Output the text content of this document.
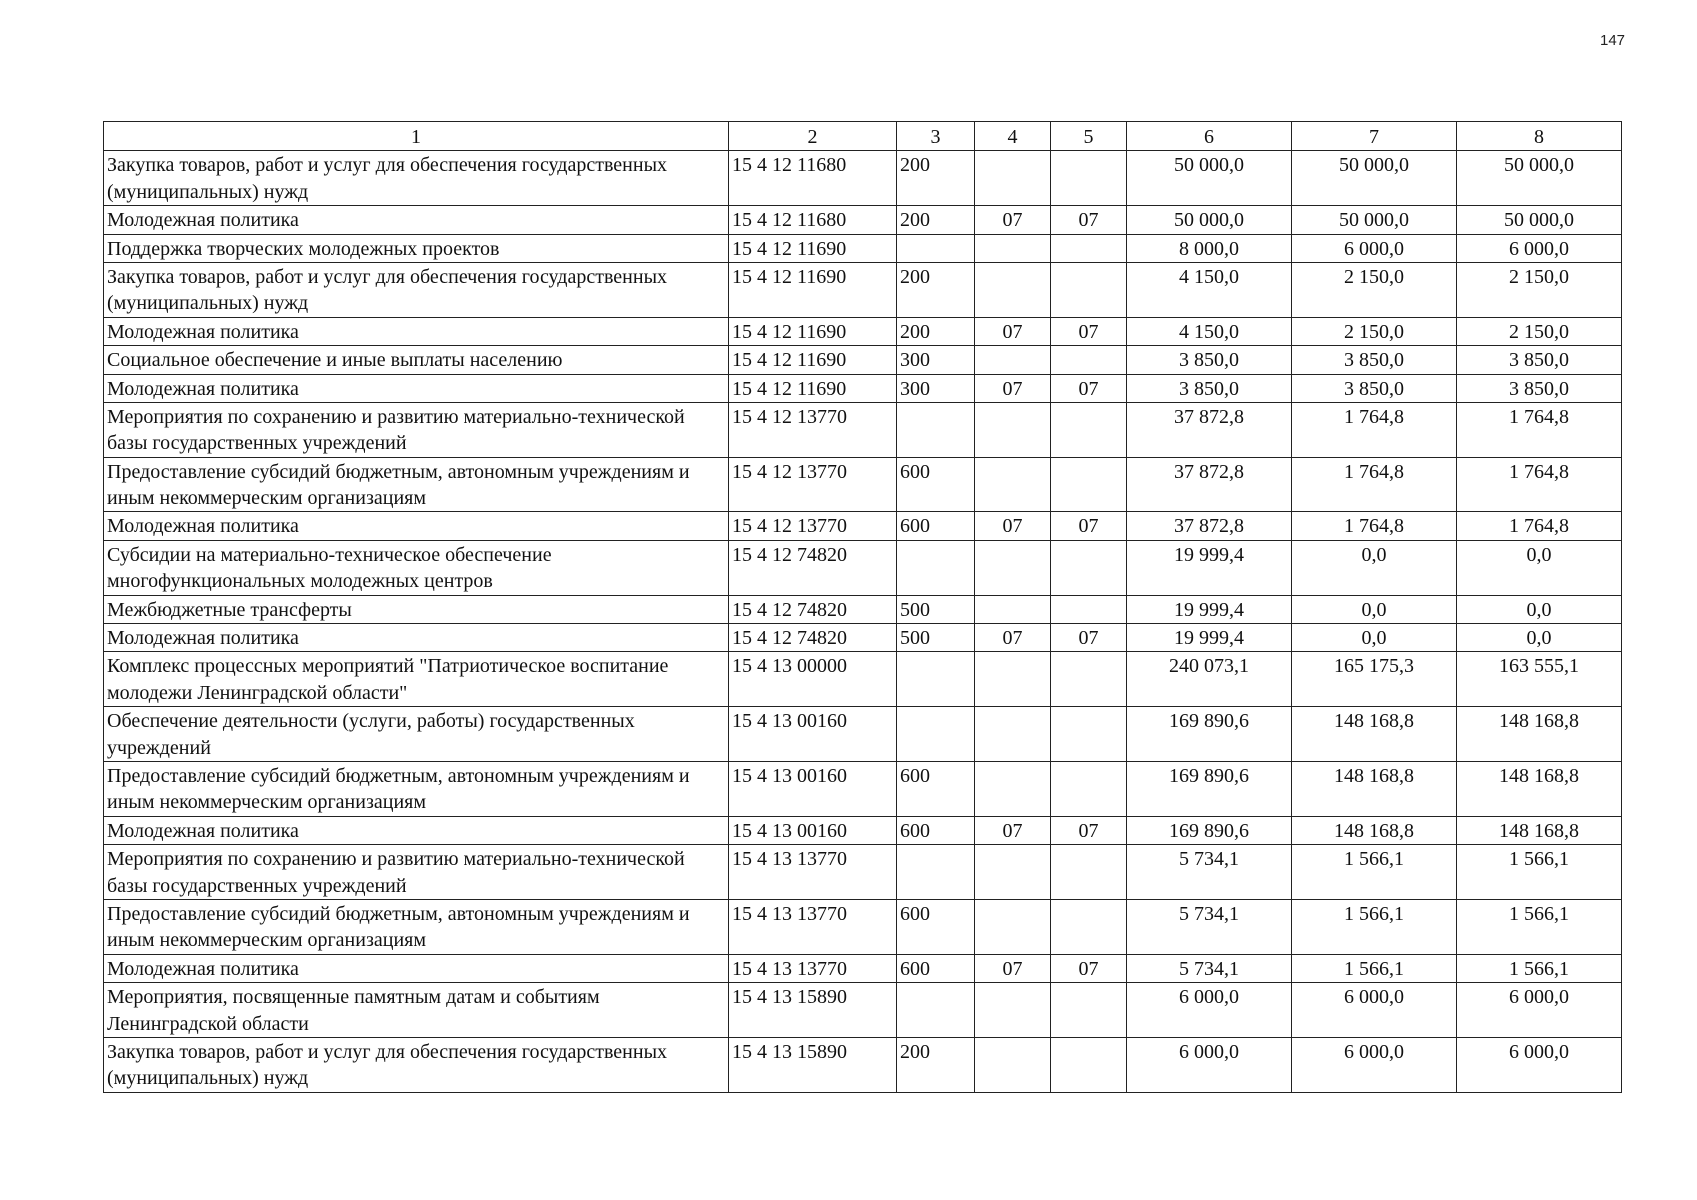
147
1	2	3	4	5	6	7	8
Закупка товаров, работ и услуг для обеспечения государственных (муниципальных) нужд	15 4 12 11680	200			50 000,0	50 000,0	50 000,0
Молодежная политика	15 4 12 11680	200	07	07	50 000,0	50 000,0	50 000,0
Поддержка творческих молодежных проектов	15 4 12 11690				8 000,0	6 000,0	6 000,0
Закупка товаров, работ и услуг для обеспечения государственных (муниципальных) нужд	15 4 12 11690	200			4 150,0	2 150,0	2 150,0
Молодежная политика	15 4 12 11690	200	07	07	4 150,0	2 150,0	2 150,0
Социальное обеспечение и иные выплаты населению	15 4 12 11690	300			3 850,0	3 850,0	3 850,0
Молодежная политика	15 4 12 11690	300	07	07	3 850,0	3 850,0	3 850,0
Мероприятия по сохранению и развитию материально-технической базы государственных учреждений	15 4 12 13770				37 872,8	1 764,8	1 764,8
Предоставление субсидий бюджетным, автономным учреждениям и иным некоммерческим организациям	15 4 12 13770	600			37 872,8	1 764,8	1 764,8
Молодежная политика	15 4 12 13770	600	07	07	37 872,8	1 764,8	1 764,8
Субсидии на материально-техническое обеспечение многофункциональных молодежных центров	15 4 12 74820				19 999,4	0,0	0,0
Межбюджетные трансферты	15 4 12 74820	500			19 999,4	0,0	0,0
Молодежная политика	15 4 12 74820	500	07	07	19 999,4	0,0	0,0
Комплекс процессных мероприятий "Патриотическое воспитание молодежи Ленинградской области"	15 4 13 00000				240 073,1	165 175,3	163 555,1
Обеспечение деятельности (услуги, работы) государственных учреждений	15 4 13 00160				169 890,6	148 168,8	148 168,8
Предоставление субсидий бюджетным, автономным учреждениям и иным некоммерческим организациям	15 4 13 00160	600			169 890,6	148 168,8	148 168,8
Молодежная политика	15 4 13 00160	600	07	07	169 890,6	148 168,8	148 168,8
Мероприятия по сохранению и развитию материально-технической базы государственных учреждений	15 4 13 13770				5 734,1	1 566,1	1 566,1
Предоставление субсидий бюджетным, автономным учреждениям и иным некоммерческим организациям	15 4 13 13770	600			5 734,1	1 566,1	1 566,1
Молодежная политика	15 4 13 13770	600	07	07	5 734,1	1 566,1	1 566,1
Мероприятия, посвященные памятным датам и событиям Ленинградской области	15 4 13 15890				6 000,0	6 000,0	6 000,0
Закупка товаров, работ и услуг для обеспечения государственных (муниципальных) нужд	15 4 13 15890	200			6 000,0	6 000,0	6 000,0
